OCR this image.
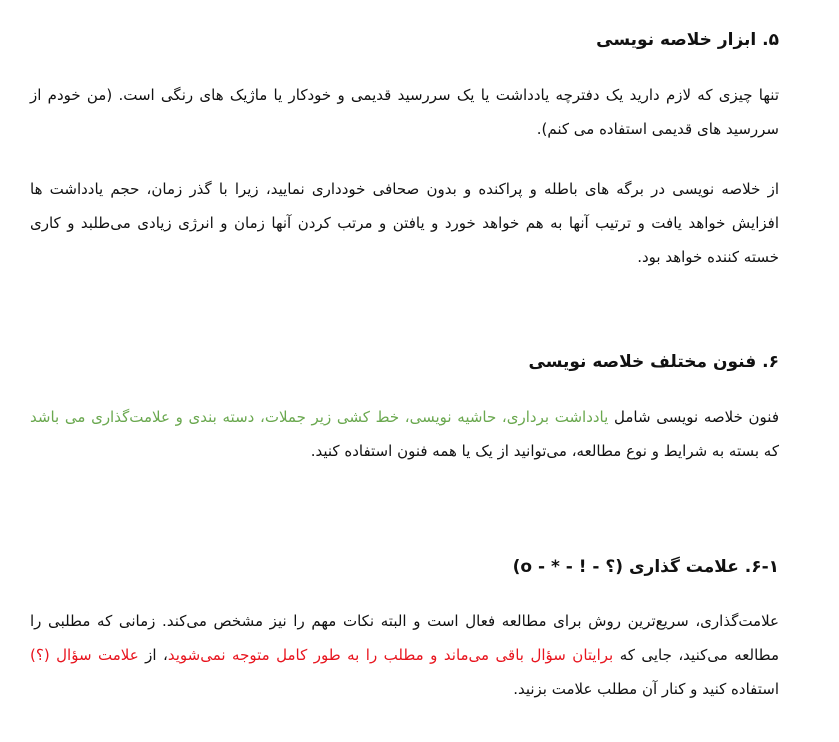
۵. ابزار خلاصه نویسی

تنها چیزی که لازم دارید یک دفترچه یادداشت یا یک سررسید قدیمی و خودکار یا ماژیک های رنگی است. (من خودم از سررسید های قدیمی استفاده می کنم).

از خلاصه نویسی در برگه های باطله و پراکنده و بدون صحافی خودداری نمایید، زیرا با گذر زمان، حجم یادداشت ها افزایش خواهد یافت و ترتیب آنها به هم خواهد خورد و یافتن و مرتب کردن آنها زمان و انرژی زیادی می‌طلبد و کاری خسته کننده خواهد بود.

۶. فنون مختلف خلاصه نویسی

فنون خلاصه نویسی شامل یادداشت برداری، حاشیه نویسی، خط کشی زیر جملات، دسته بندی و علامت‌گذاری می باشد که بسته به شرایط و نوع مطالعه، می‌توانید از یک یا همه فنون استفاده کنید.

۶-۱. علامت گذاری (؟ - ! - * - o)

علامت‌گذاری، سریع‌ترین روش برای مطالعه فعال است و البته نکات مهم را نیز مشخص می‌کند. زمانی که مطلبی را مطالعه می‌کنید، جایی که برایتان سؤال باقی می‌ماند و مطلب را به طور کامل متوجه نمی‌شوید، از علامت سؤال (؟) استفاده کنید و کنار آن مطلب علامت بزنید.
